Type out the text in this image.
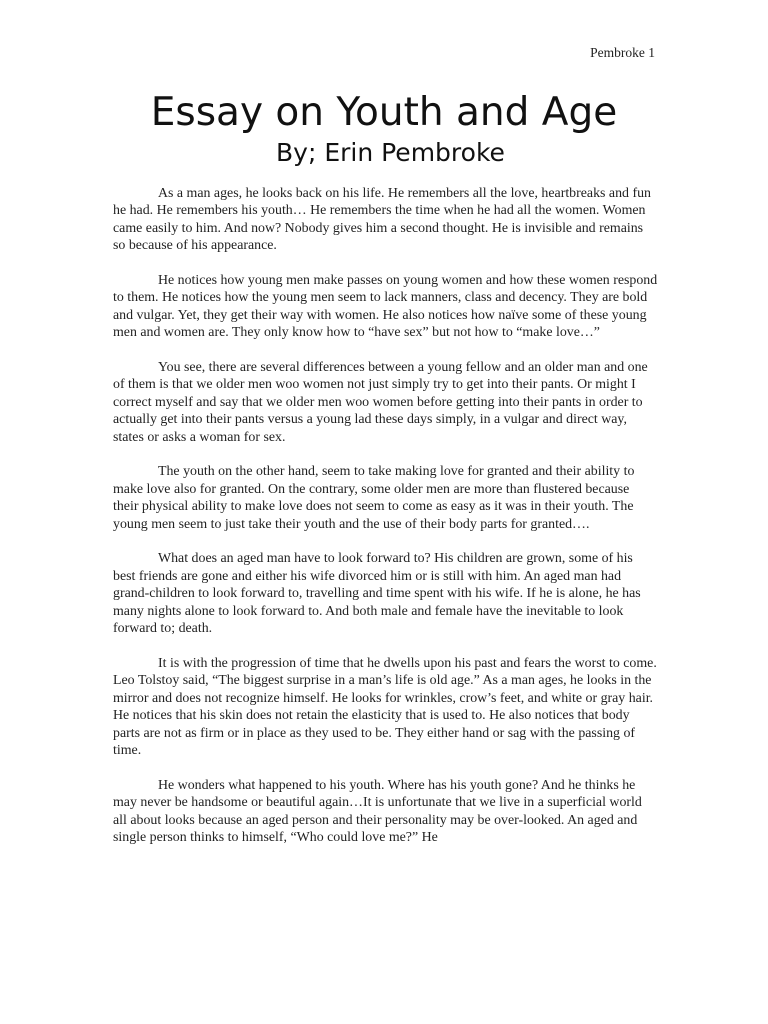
Pembroke 1
Essay on Youth and Age
By; Erin Pembroke

As a man ages, he looks back on his life. He remembers all the love, heartbreaks and fun he had. He remembers his youth… He remembers the time when he had all the women. Women came easily to him. And now? Nobody gives him a second thought. He is invisible and remains so because of his appearance.

He notices how young men make passes on young women and how these women respond to them. He notices how the young men seem to lack manners, class and decency. They are bold and vulgar. Yet, they get their way with women. He also notices how naïve some of these young men and women are. They only know how to “have sex” but not how to “make love…”

You see, there are several differences between a young fellow and an older man and one of them is that we older men woo women not just simply try to get into their pants. Or might I correct myself and say that we older men woo women before getting into their pants in order to actually get into their pants versus a young lad these days simply, in a vulgar and direct way, states or asks a woman for sex.

The youth on the other hand, seem to take making love for granted and their ability to make love also for granted. On the contrary, some older men are more than flustered because their physical ability to make love does not seem to come as easy as it was in their youth. The young men seem to just take their youth and the use of their body parts for granted….

What does an aged man have to look forward to? His children are grown, some of his best friends are gone and either his wife divorced him or is still with him. An aged man had grand-children to look forward to, travelling and time spent with his wife. If he is alone, he has many nights alone to look forward to. And both male and female have the inevitable to look forward to; death.

It is with the progression of time that he dwells upon his past and fears the worst to come. Leo Tolstoy said, “The biggest surprise in a man’s life is old age.” As a man ages, he looks in the mirror and does not recognize himself. He looks for wrinkles, crow’s feet, and white or gray hair. He notices that his skin does not retain the elasticity that is used to. He also notices that body parts are not as firm or in place as they used to be. They either hand or sag with the passing of time.

He wonders what happened to his youth. Where has his youth gone? And he thinks he may never be handsome or beautiful again…It is unfortunate that we live in a superficial world all about looks because an aged person and their personality may be over-looked. An aged and single person thinks to himself, “Who could love me?” He
